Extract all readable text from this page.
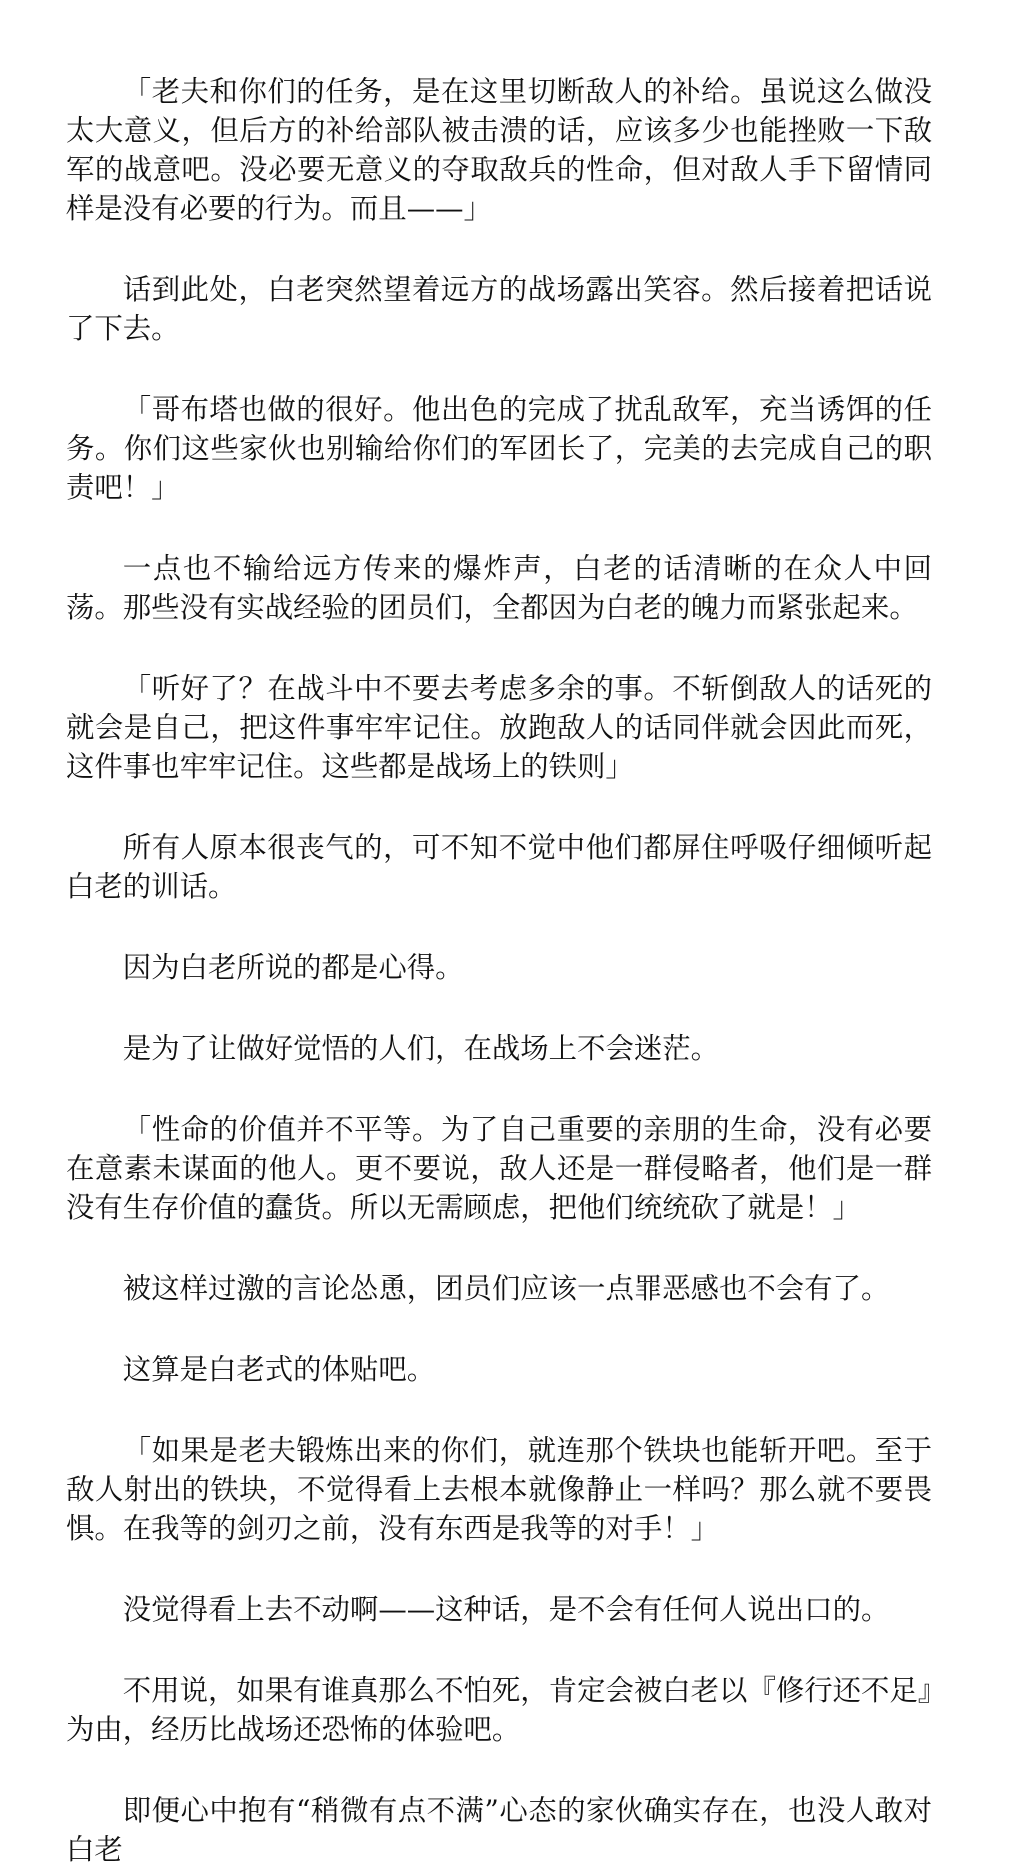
「老夫和你们的任务，是在这里切断敌人的补给。虽说这么做没太大意义，但后方的补给部队被击溃的话，应该多少也能挫败一下敌军的战意吧。没必要无意义的夺取敌兵的性命，但对敌人手下留情同样是没有必要的行为。而且——」

话到此处，白老突然望着远方的战场露出笑容。然后接着把话说了下去。

「哥布塔也做的很好。他出色的完成了扰乱敌军，充当诱饵的任务。你们这些家伙也别输给你们的军团长了，完美的去完成自己的职责吧！」

一点也不输给远方传来的爆炸声，白老的话清晰的在众人中回荡。那些没有实战经验的团员们，全都因为白老的魄力而紧张起来。

「听好了？在战斗中不要去考虑多余的事。不斩倒敌人的话死的就会是自己，把这件事牢牢记住。放跑敌人的话同伴就会因此而死，这件事也牢牢记住。这些都是战场上的铁则」

所有人原本很丧气的，可不知不觉中他们都屏住呼吸仔细倾听起白老的训话。

因为白老所说的都是心得。

是为了让做好觉悟的人们，在战场上不会迷茫。

「性命的价值并不平等。为了自己重要的亲朋的生命，没有必要在意素未谋面的他人。更不要说，敌人还是一群侵略者，他们是一群没有生存价值的蠢货。所以无需顾虑，把他们统统砍了就是！」

被这样过激的言论怂恿，团员们应该一点罪恶感也不会有了。

这算是白老式的体贴吧。

「如果是老夫锻炼出来的你们，就连那个铁块也能斩开吧。至于敌人射出的铁块，不觉得看上去根本就像静止一样吗？那么就不要畏惧。在我等的剑刃之前，没有东西是我等的对手！」

没觉得看上去不动啊——这种话，是不会有任何人说出口的。

不用说，如果有谁真那么不怕死，肯定会被白老以『修行还不足』为由，经历比战场还恐怖的体验吧。

即便心中抱有“稍微有点不满”心态的家伙确实存在，也没人敢对白老
